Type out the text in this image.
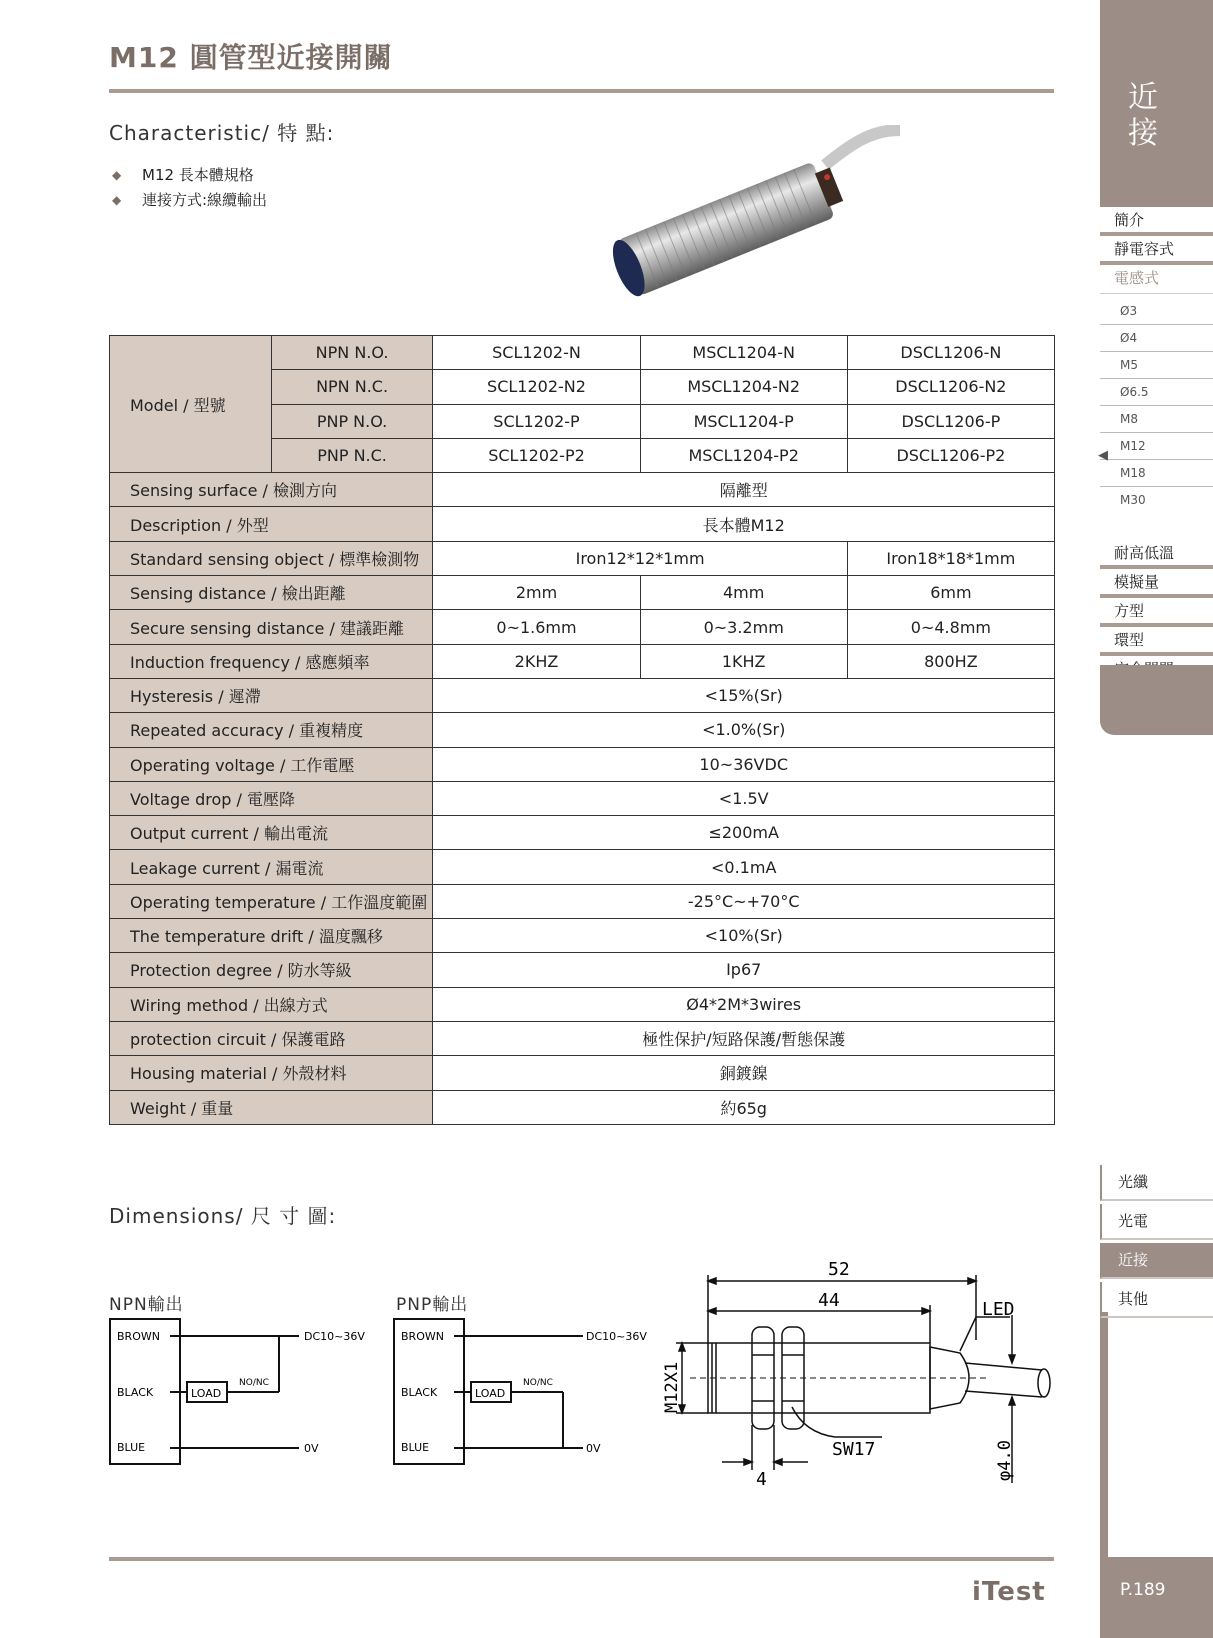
M12 圓管型近接開關
Characteristic/ 特 點:
◆	M12 長本體規格
◆	連接方式:線纜輸出
Model / 型號	NPN N.O.	SCL1202-N	MSCL1204-N	DSCL1206-N
	NPN N.C.	SCL1202-N2	MSCL1204-N2	DSCL1206-N2
	PNP N.O.	SCL1202-P	MSCL1204-P	DSCL1206-P
	PNP N.C.	SCL1202-P2	MSCL1204-P2	DSCL1206-P2
Sensing surface / 檢測方向		隔離型		
Description / 外型		長本體M12		
Standard sensing object / 標準檢測物		Iron12*12*1mm		Iron18*18*1mm
Sensing distance / 檢出距離		2mm	4mm	6mm
Secure sensing distance / 建議距離		0~1.6mm	0~3.2mm	0~4.8mm
Induction frequency / 感應頻率		2KHZ	1KHZ	800HZ
Hysteresis / 遲滯		<15%(Sr)		
Repeated accuracy / 重複精度		<1.0%(Sr)		
Operating voltage / 工作電壓		10~36VDC		
Voltage drop / 電壓降		<1.5V		
Output current / 輸出電流		≤200mA		
Leakage current / 漏電流		<0.1mA		
Operating temperature / 工作溫度範圍		-25°C~+70°C		
The temperature drift / 溫度飄移		<10%(Sr)		
Protection degree / 防水等級		Ip67		
Wiring method / 出線方式		Ø4*2M*3wires		
protection circuit / 保護電路		極性保护/短路保護/暫態保護		
Housing material / 外殼材料		銅鍍鎳		
Weight / 重量		約65g		
Dimensions/ 尺 寸 圖:
NPN輸出	PNP輸出
BROWN
BLACK
BLUE
DC10~36V
LOAD
NO/NC
0V
BROWN
BLACK
BLUE
DC10~36V
LOAD
NO/NC
0V
52
44
4
SW17
LED
M12X1
φ4.0
iTest
近接
簡介
靜電容式
電感式
Ø3
Ø4
M5
Ø6.5
M8
M12
M18
M30
◀
耐高低溫
模擬量
方型
環型
光纖
光電
近接
其他
P.189
